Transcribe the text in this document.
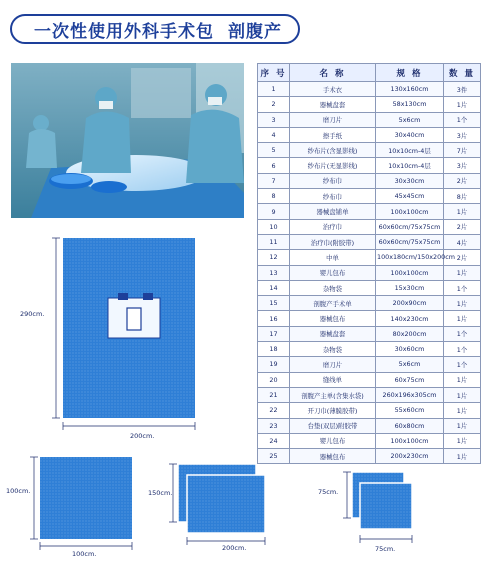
一次性使用外科手术包 剖腹产
序 号	名 称	规 格	数 量
1	手术衣	130x160cm	3件
2	器械盘套	58x130cm	1片
3	磨刀片	5x6cm	1个
4	擦手纸	30x40cm	3片
5	纱布片(含显影线)	10x10cm-4层	7片
6	纱布片(无显影线)	10x10cm-4层	3片
7	纱布巾	30x30cm	2片
8	纱布巾	45x45cm	8片
9	器械盘铺单	100x100cm	1片
10	治疗巾	60x60cm/75x75cm	2片
11	治疗巾(附胶带)	60x60cm/75x75cm	4片
12	中单	100x180cm/150x200cm	2片
13	婴儿包布	100x100cm	1片
14	杂物袋	15x30cm	1个
15	剖腹产手术单	200x90cm	1片
16	器械包布	140x230cm	1片
17	器械盘套	80x200cm	1个
18	杂物袋	30x60cm	1个
19	磨刀片	5x6cm	1个
20	缝线单	60x75cm	1片
21	剖腹产主单(含集水袋)	260x196x305cm	1片
22	开刀巾(薄膜胶带)	55x60cm	1片
23	台垫(双层)附胶带	60x80cm	1片
24	婴儿包布	100x100cm	1片
25	器械包布	200x230cm	1片
290cm.
200cm.
100cm.
100cm.
150cm.
200cm.
75cm.
75cm.
